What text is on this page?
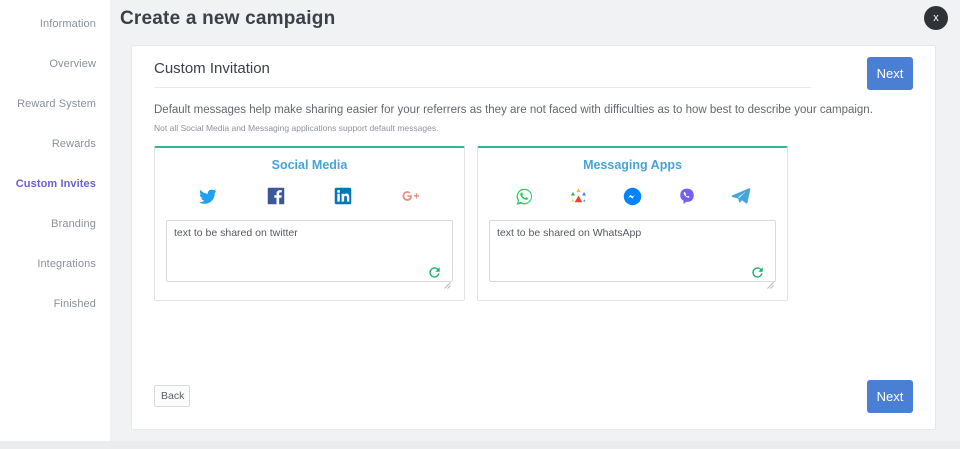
Information
Overview
Reward System
Rewards
Custom Invites
Branding
Integrations
Finished
Create a new campaign	x
Custom Invitation	Next
Default messages help make sharing easier for your referrers as they are not faced with difficulties as to how best to describe your campaign.
Not all Social Media and Messaging applications support default messages.
Social Media
text to be shared on twitter	Messaging Apps
text to be shared on WhatsApp
Back	Next
